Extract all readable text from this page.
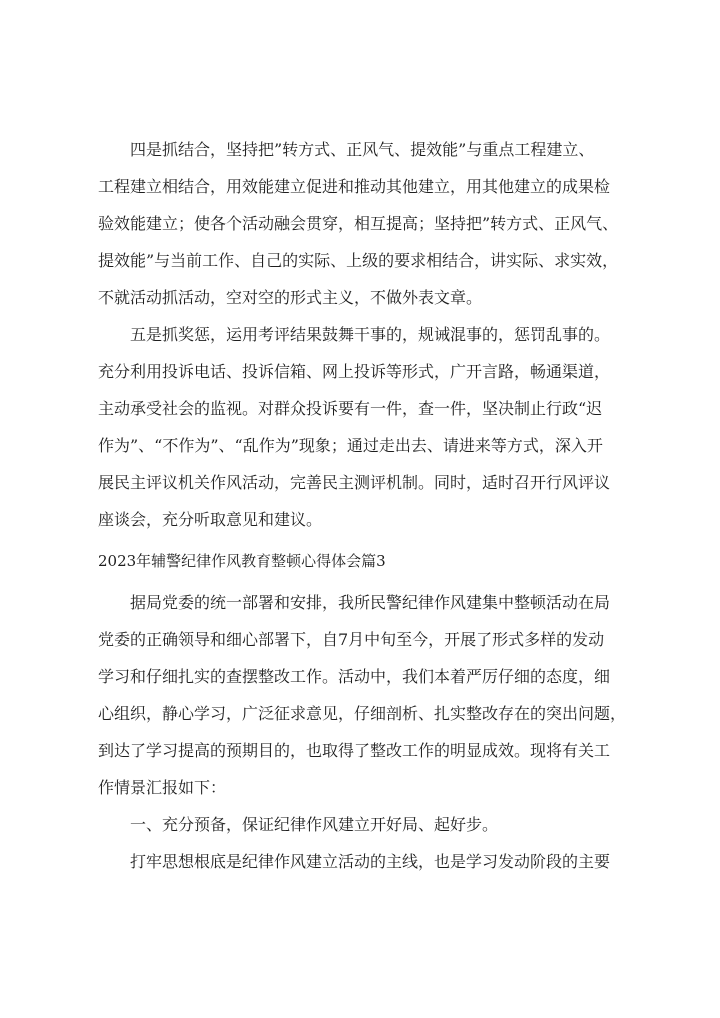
四是抓结合，坚持把”转方式、正风气、提效能”与重点工程建立、
工程建立相结合，用效能建立促进和推动其他建立，用其他建立的成果检
验效能建立；使各个活动融会贯穿，相互提高；坚持把”转方式、正风气、
提效能”与当前工作、自己的实际、上级的要求相结合，讲实际、求实效，
不就活动抓活动，空对空的形式主义，不做外表文章。
五是抓奖惩，运用考评结果鼓舞干事的，规诫混事的，惩罚乱事的。
充分利用投诉电话、投诉信箱、网上投诉等形式，广开言路，畅通渠道，
主动承受社会的监视。对群众投诉要有一件，查一件，坚决制止行政“迟
作为”、“不作为”、“乱作为”现象；通过走出去、请进来等方式，深入开
展民主评议机关作风活动，完善民主测评机制。同时，适时召开行风评议
座谈会，充分听取意见和建议。
2023年辅警纪律作风教育整顿心得体会篇3
据局党委的统一部署和安排，我所民警纪律作风建集中整顿活动在局
党委的正确领导和细心部署下，自7月中旬至今，开展了形式多样的发动
学习和仔细扎实的查摆整改工作。活动中，我们本着严厉仔细的态度，细
心组织，静心学习，广泛征求意见，仔细剖析、扎实整改存在的突出问题，
到达了学习提高的预期目的，也取得了整改工作的明显成效。现将有关工
作情景汇报如下：
一、充分预备，保证纪律作风建立开好局、起好步。
打牢思想根底是纪律作风建立活动的主线，也是学习发动阶段的主要
